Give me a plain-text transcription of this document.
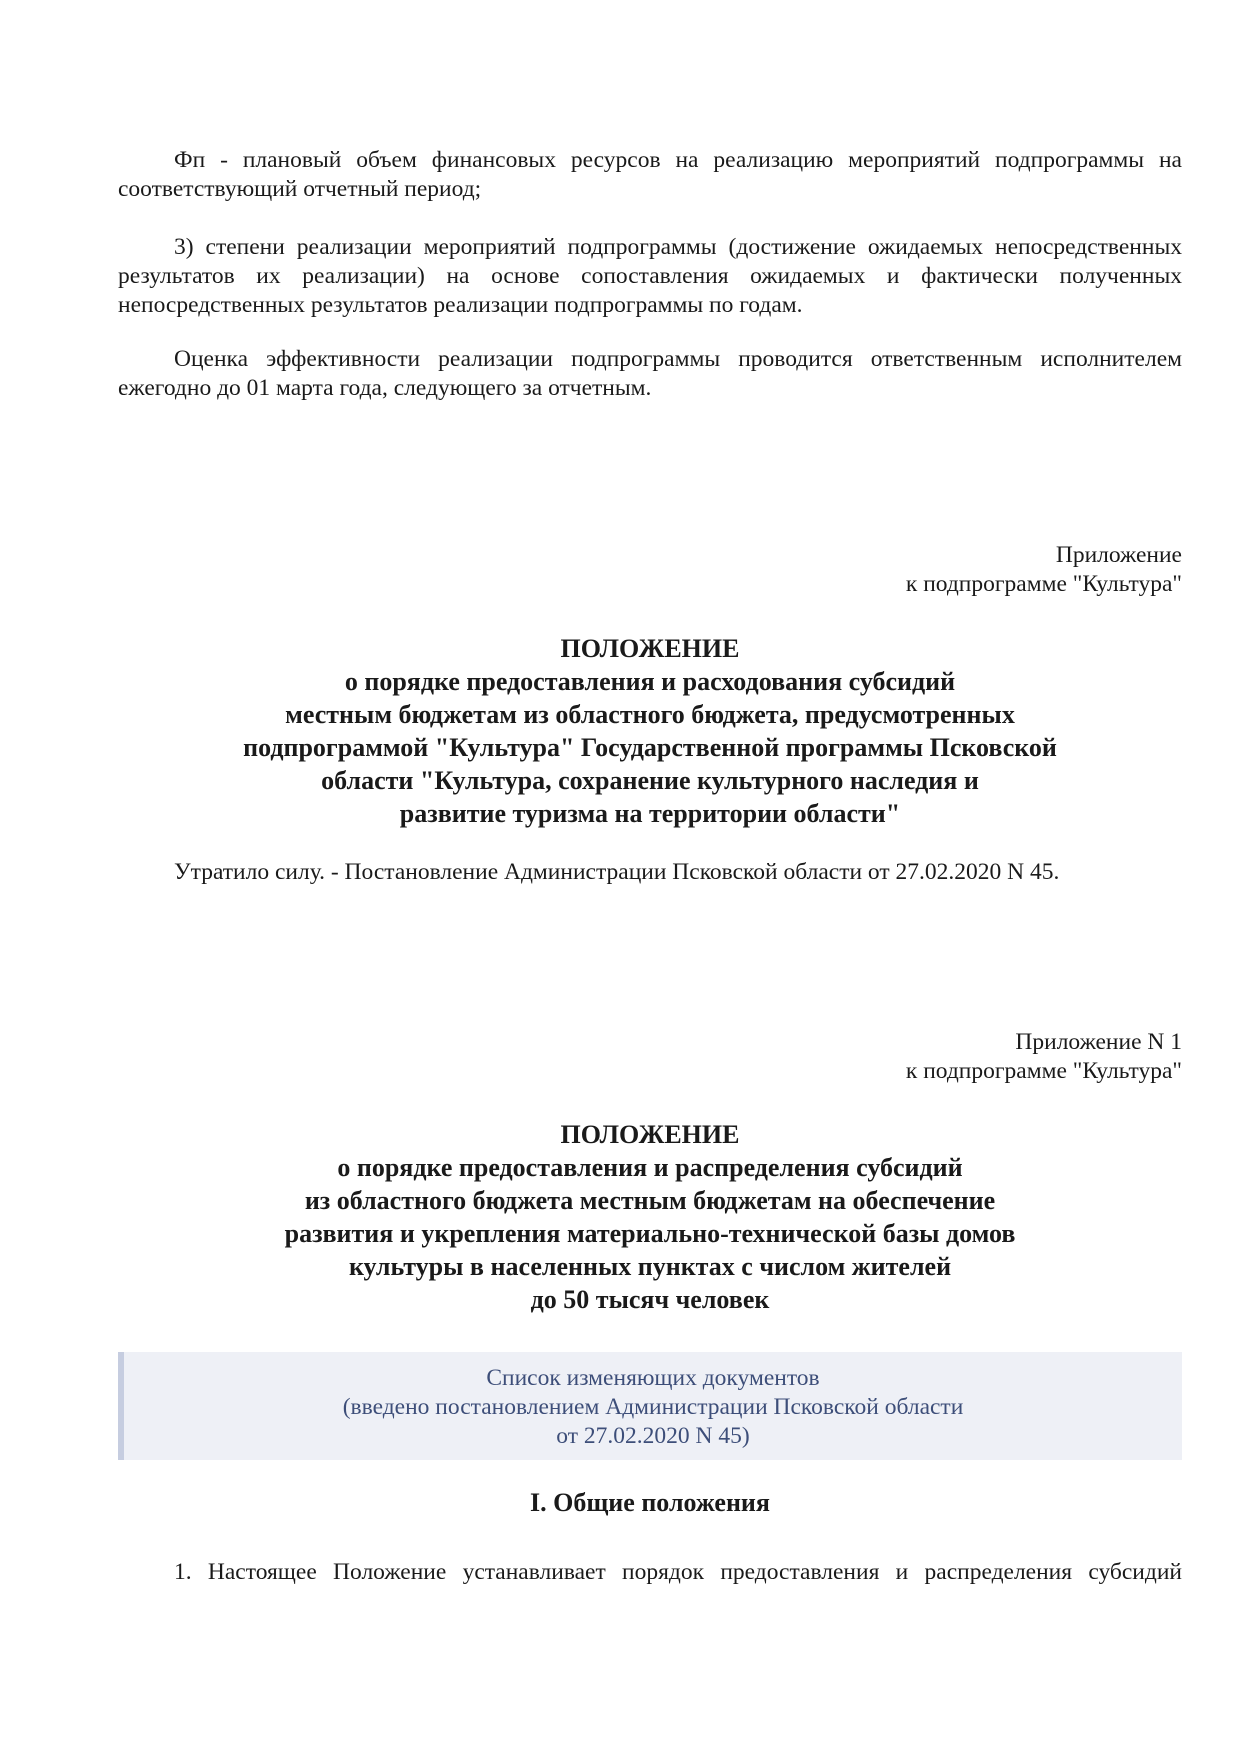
Фп - плановый объем финансовых ресурсов на реализацию мероприятий подпрограммы на соответствующий отчетный период;

3) степени реализации мероприятий подпрограммы (достижение ожидаемых непосредственных результатов их реализации) на основе сопоставления ожидаемых и фактически полученных непосредственных результатов реализации подпрограммы по годам.

Оценка эффективности реализации подпрограммы проводится ответственным исполнителем ежегодно до 01 марта года, следующего за отчетным.

Приложение
к подпрограмме "Культура"
ПОЛОЖЕНИЕ
о порядке предоставления и расходования субсидий
местным бюджетам из областного бюджета, предусмотренных
подпрограммой "Культура" Государственной программы Псковской
области "Культура, сохранение культурного наследия и
развитие туризма на территории области"
Утратило силу. - Постановление Администрации Псковской области от 27.02.2020 N 45.
Приложение N 1
к подпрограмме "Культура"
ПОЛОЖЕНИЕ
о порядке предоставления и распределения субсидий
из областного бюджета местным бюджетам на обеспечение
развития и укрепления материально-технической базы домов
культуры в населенных пунктах с числом жителей
до 50 тысяч человек
Список изменяющих документов
(введено постановлением Администрации Псковской области
от 27.02.2020 N 45)
I. Общие положения

1. Настоящее Положение устанавливает порядок предоставления и распределения субсидий
